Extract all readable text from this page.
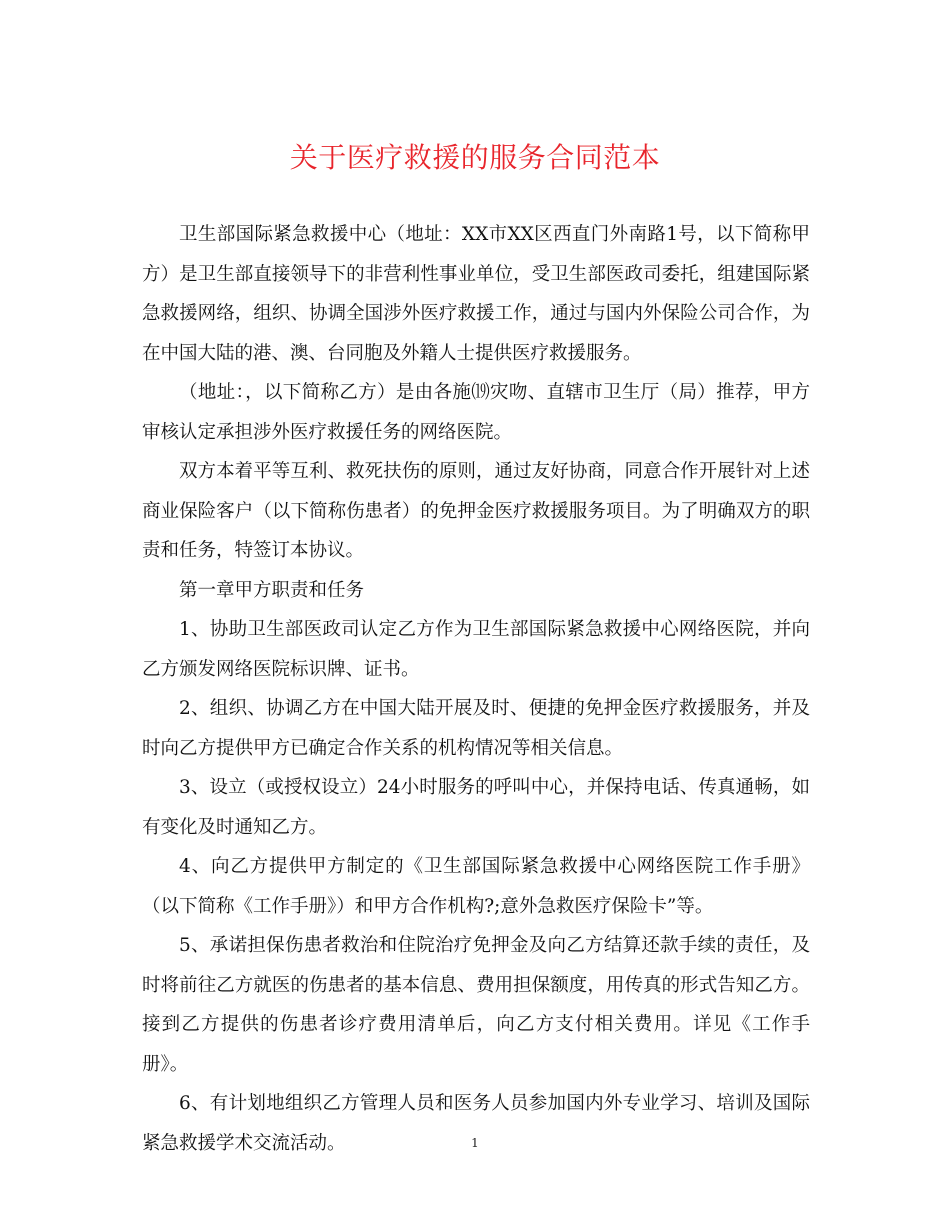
关于医疗救援的服务合同范本

卫生部国际紧急救援中心（地址：XX市XX区西直门外南路1号，以下简称甲方）是卫生部直接领导下的非营利性事业单位，受卫生部医政司委托，组建国际紧急救援网络，组织、协调全国涉外医疗救援工作，通过与国内外保险公司合作，为在中国大陆的港、澳、台同胞及外籍人士提供医疗救援服务。

（地址：，以下简称乙方）是由各施⒆灾吻、直辖市卫生厅（局）推荐，甲方审核认定承担涉外医疗救援任务的网络医院。

双方本着平等互利、救死扶伤的原则，通过友好协商，同意合作开展针对上述商业保险客户（以下简称伤患者）的免押金医疗救援服务项目。为了明确双方的职责和任务，特签订本协议。

第一章甲方职责和任务

1、协助卫生部医政司认定乙方作为卫生部国际紧急救援中心网络医院，并向乙方颁发网络医院标识牌、证书。

2、组织、协调乙方在中国大陆开展及时、便捷的免押金医疗救援服务，并及时向乙方提供甲方已确定合作关系的机构情况等相关信息。

3、设立（或授权设立）24小时服务的呼叫中心，并保持电话、传真通畅，如有变化及时通知乙方。

4、向乙方提供甲方制定的《卫生部国际紧急救援中心网络医院工作手册》（以下简称《工作手册》）和甲方合作机构?;意外急救医疗保险卡”等。

5、承诺担保伤患者救治和住院治疗免押金及向乙方结算还款手续的责任，及时将前往乙方就医的伤患者的基本信息、费用担保额度，用传真的形式告知乙方。接到乙方提供的伤患者诊疗费用清单后，向乙方支付相关费用。详见《工作手册》。

6、有计划地组织乙方管理人员和医务人员参加国内外专业学习、培训及国际紧急救援学术交流活动。	1
